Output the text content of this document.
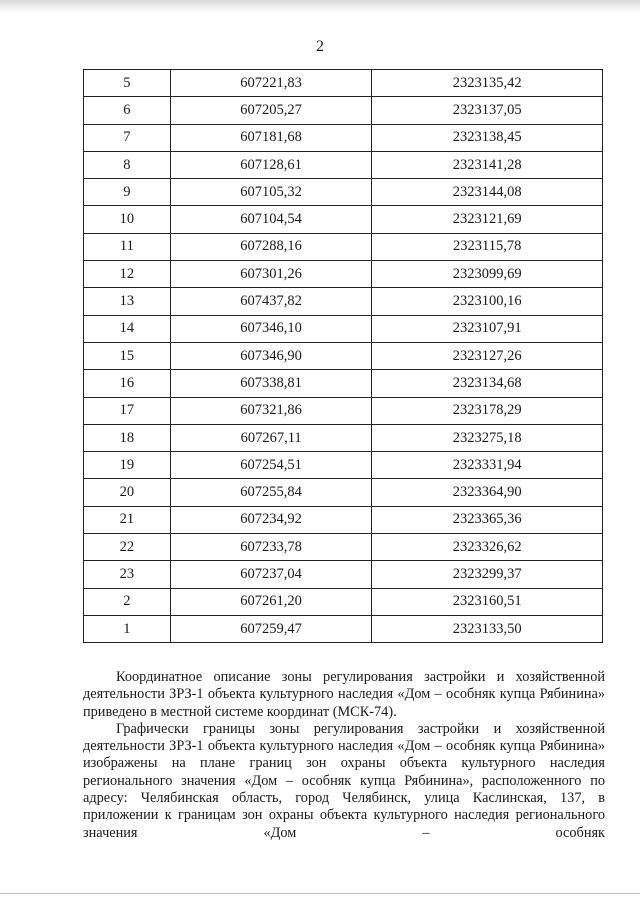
2
5	607221,83	2323135,42
6	607205,27	2323137,05
7	607181,68	2323138,45
8	607128,61	2323141,28
9	607105,32	2323144,08
10	607104,54	2323121,69
11	607288,16	2323115,78
12	607301,26	2323099,69
13	607437,82	2323100,16
14	607346,10	2323107,91
15	607346,90	2323127,26
16	607338,81	2323134,68
17	607321,86	2323178,29
18	607267,11	2323275,18
19	607254,51	2323331,94
20	607255,84	2323364,90
21	607234,92	2323365,36
22	607233,78	2323326,62
23	607237,04	2323299,37
2	607261,20	2323160,51
1	607259,47	2323133,50

Координатное описание зоны регулирования застройки и хозяйственной деятельности ЗРЗ-1 объекта культурного наследия «Дом – особняк купца Рябинина» приведено в местной системе координат (МСК-74).

Графически границы зоны регулирования застройки и хозяйственной деятельности ЗРЗ-1 объекта культурного наследия «Дом – особняк купца Рябинина» изображены на плане границ зон охраны объекта культурного наследия регионального значения «Дом – особняк купца Рябинина», расположенного по адресу: Челябинская область, город Челябинск, улица Каслинская, 137, в приложении к границам зон охраны объекта культурного наследия регионального значения «Дом – особняк
